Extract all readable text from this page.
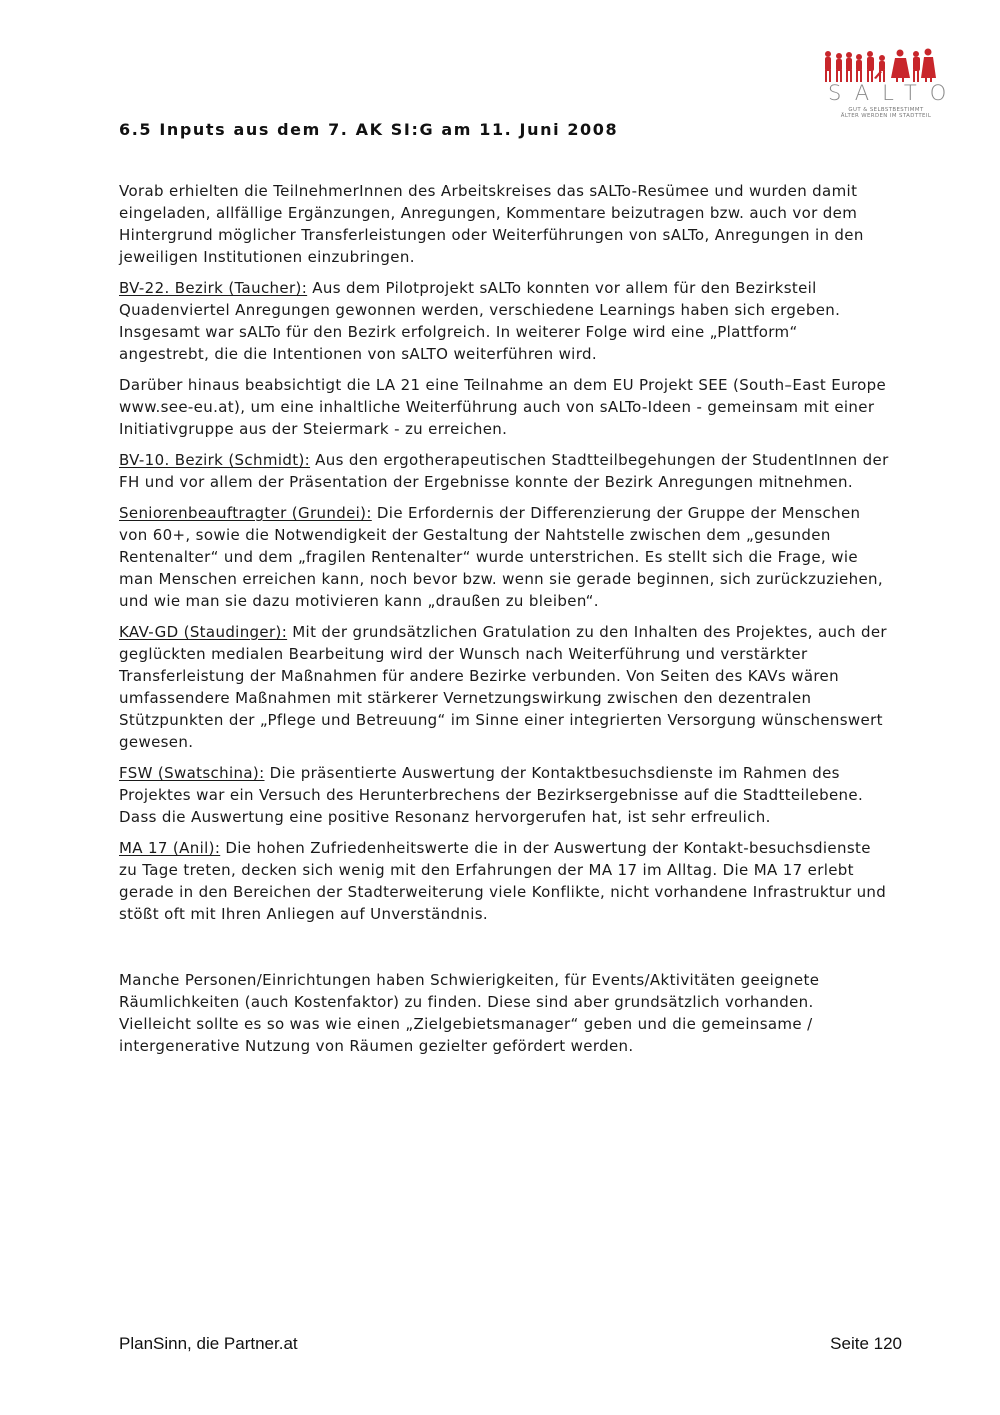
SALTO
GUT & SELBSTBESTIMMT
ÄLTER WERDEN IM STADTTEIL
6.5 Inputs aus dem 7. AK SI:G am 11. Juni 2008

Vorab erhielten die TeilnehmerInnen des Arbeitskreises das sALTo-Resümee und wurden damit eingeladen, allfällige Ergänzungen, Anregungen, Kommentare beizutragen bzw. auch vor dem Hintergrund möglicher Transferleistungen oder Weiterführungen von sALTo, Anregungen in den jeweiligen Institutionen einzubringen.

BV-22. Bezirk (Taucher): Aus dem Pilotprojekt sALTo konnten vor allem für den Bezirksteil Quadenviertel Anregungen gewonnen werden, verschiedene Learnings haben sich ergeben. Insgesamt war sALTo für den Bezirk erfolgreich. In weiterer Folge wird eine „Plattform“ angestrebt, die die Intentionen von sALTO weiterführen wird.

Darüber hinaus beabsichtigt die LA 21 eine Teilnahme an dem EU Projekt SEE (South–East Europe www.see-eu.at), um eine inhaltliche Weiterführung auch von sALTo-Ideen - gemeinsam mit einer Initiativgruppe aus der Steiermark - zu erreichen.

BV-10. Bezirk (Schmidt): Aus den ergotherapeutischen Stadtteilbegehungen der StudentInnen der FH und vor allem der Präsentation der Ergebnisse konnte der Bezirk Anregungen mitnehmen.

Seniorenbeauftragter (Grundei): Die Erfordernis der Differenzierung der Gruppe der Menschen von 60+, sowie die Notwendigkeit der Gestaltung der Nahtstelle zwischen dem „gesunden Rentenalter“ und dem „fragilen Rentenalter“ wurde unterstrichen. Es stellt sich die Frage, wie man Menschen erreichen kann, noch bevor bzw. wenn sie gerade beginnen, sich zurückzuziehen, und wie man sie dazu motivieren kann „draußen zu bleiben“.

KAV-GD (Staudinger): Mit der grundsätzlichen Gratulation zu den Inhalten des Projektes, auch der geglückten medialen Bearbeitung wird der Wunsch nach Weiterführung und verstärkter Transferleistung der Maßnahmen für andere Bezirke verbunden. Von Seiten des KAVs wären umfassendere Maßnahmen mit stärkerer Vernetzungswirkung zwischen den dezentralen Stützpunkten der „Pflege und Betreuung“ im Sinne einer integrierten Versorgung wünschenswert gewesen.

FSW (Swatschina): Die präsentierte Auswertung der Kontaktbesuchsdienste im Rahmen des Projektes war ein Versuch des Herunterbrechens der Bezirksergebnisse auf die Stadtteilebene. Dass die Auswertung eine positive Resonanz hervorgerufen hat, ist sehr erfreulich.

MA 17 (Anil): Die hohen Zufriedenheitswerte die in der Auswertung der Kontakt-besuchsdienste zu Tage treten, decken sich wenig mit den Erfahrungen der MA 17 im Alltag. Die MA 17 erlebt gerade in den Bereichen der Stadterweiterung viele Konflikte, nicht vorhandene Infrastruktur und stößt oft mit Ihren Anliegen auf Unverständnis.

Manche Personen/Einrichtungen haben Schwierigkeiten, für Events/Aktivitäten geeignete Räumlichkeiten (auch Kostenfaktor) zu finden. Diese sind aber grundsätzlich vorhanden. Vielleicht sollte es so was wie einen „Zielgebietsmanager“ geben und die gemeinsame / intergenerative Nutzung von Räumen gezielter gefördert werden.

PlanSinn, die Partner.at	Seite 120
